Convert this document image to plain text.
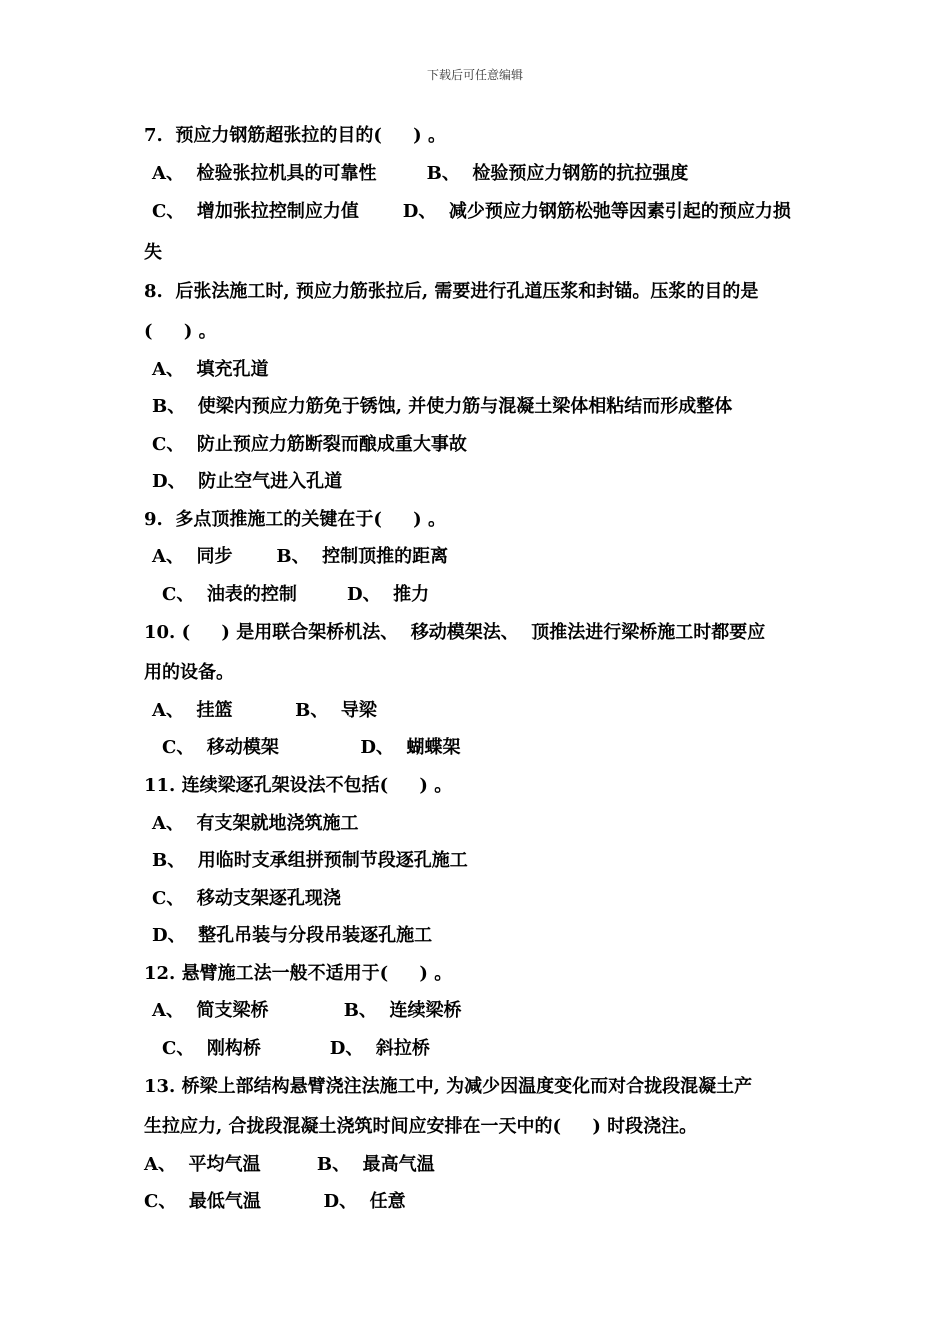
下载后可任意编辑
7.  预应力钢筋超张拉的目的(     ) 。
A、  检验张拉机具的可靠性        B、  检验预应力钢筋的抗拉强度
C、  增加张拉控制应力值       D、  减少预应力钢筋松弛等因素引起的预应力损
失
8.  后张法施工时, 预应力筋张拉后, 需要进行孔道压浆和封锚。压浆的目的是
(     ) 。
A、  填充孔道
B、  使梁内预应力筋免于锈蚀, 并使力筋与混凝土梁体相粘结而形成整体
C、  防止预应力筋断裂而酿成重大事故
D、  防止空气进入孔道
9.  多点顶推施工的关键在于(     ) 。
A、  同步       B、  控制顶推的距离
C、  油表的控制        D、  推力
10. (     ) 是用联合架桥机法、  移动模架法、  顶推法进行梁桥施工时都要应
用的设备。
A、  挂篮          B、  导梁
C、  移动模架             D、  蝴蝶架
11. 连续梁逐孔架设法不包括(     ) 。
A、  有支架就地浇筑施工
B、  用临时支承组拼预制节段逐孔施工
C、  移动支架逐孔现浇
D、  整孔吊装与分段吊装逐孔施工
12. 悬臂施工法一般不适用于(     ) 。
A、  简支梁桥            B、  连续梁桥
C、  刚构桥           D、  斜拉桥
13. 桥梁上部结构悬臂浇注法施工中, 为减少因温度变化而对合拢段混凝土产
生拉应力, 合拢段混凝土浇筑时间应安排在一天中的(     ) 时段浇注。
A、  平均气温         B、  最高气温
C、  最低气温          D、  任意
